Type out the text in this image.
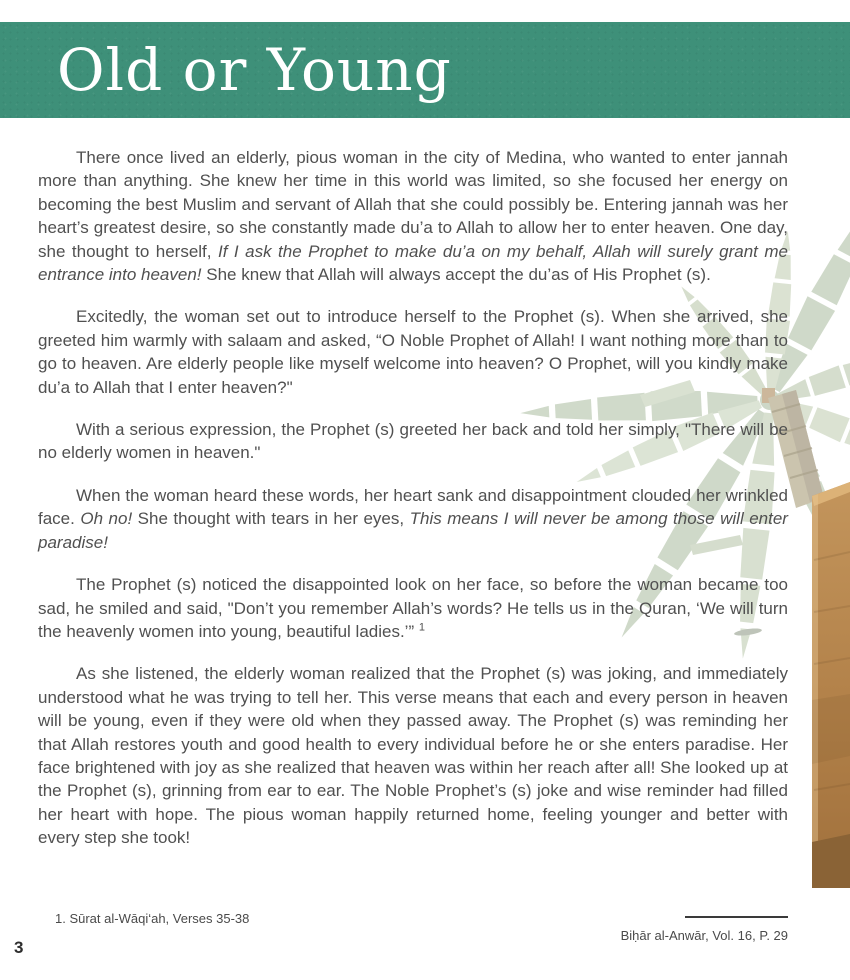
Old or Young

There once lived an elderly, pious woman in the city of Medina, who wanted to enter jannah more than anything. She knew her time in this world was limited, so she focused her energy on becoming the best Muslim and servant of Allah that she could possibly be. Entering jannah was her heart’s greatest desire, so she constantly made du’a to Allah to allow her to enter heaven. One day, she thought to herself, If I ask the Prophet to make du’a on my behalf, Allah will surely grant me entrance into heaven! She knew that Allah will always accept the du’as of His Prophet (s).

Excitedly, the woman set out to introduce herself to the Prophet (s). When she arrived, she greeted him warmly with salaam and asked, “O Noble Prophet of Allah! I want nothing more than to go to heaven. Are elderly people like myself welcome into heaven? O Prophet, will you kindly make du’a to Allah that I enter heaven?"

With a serious expression, the Prophet (s) greeted her back and told her simply, "There will be no elderly women in heaven."

When the woman heard these words, her heart sank and disappointment clouded her wrinkled face. Oh no! She thought with tears in her eyes, This means I will never be among those will enter paradise!

The Prophet (s) noticed the disappointed look on her face, so before the woman became too sad, he smiled and said, "Don’t you remember Allah’s words? He tells us in the Quran, ‘We will turn the heavenly women into young, beautiful ladies.’” $^1$

As she listened, the elderly woman realized that the Prophet (s) was joking, and immediately understood what he was trying to tell her. This verse means that each and every person in heaven will be young, even if they were old when they passed away. The Prophet (s) was reminding her that Allah restores youth and good health to every individual before he or she enters paradise. Her face brightened with joy as she realized that heaven was within her reach after all! She looked up at the Prophet (s), grinning from ear to ear. The Noble Prophet’s (s) joke and wise reminder had filled her heart with hope. The pious woman happily returned home, feeling younger and better with every step she took!

1. Sūrat al-Wāqi‘ah, Verses 35-38

Biḥār al-Anwār, Vol. 16, P. 29
3
